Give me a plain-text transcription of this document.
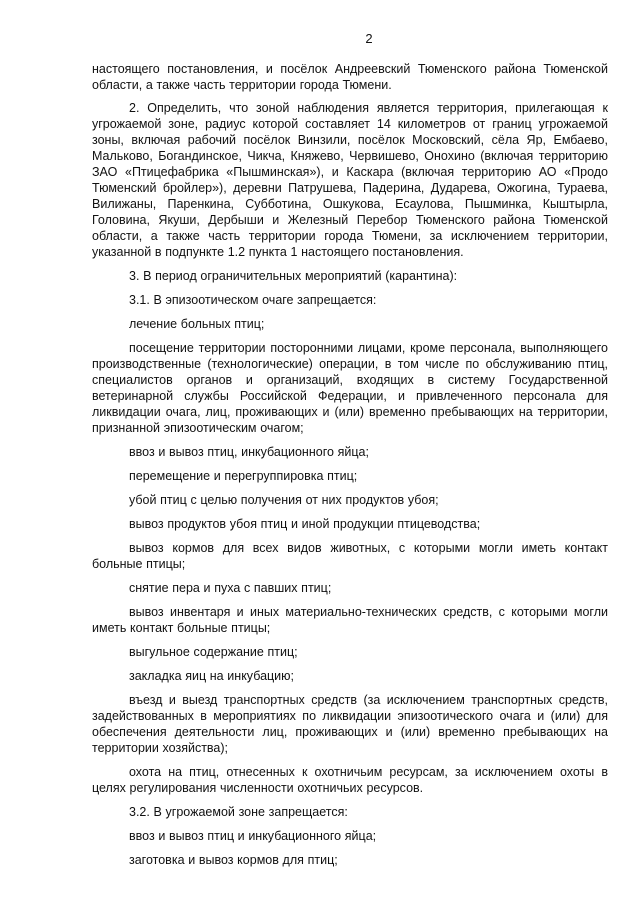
2

настоящего постановления, и посёлок Андреевский Тюменского района Тюменской области, а также часть территории города Тюмени.

2. Определить, что зоной наблюдения является территория, прилегающая к угрожаемой зоне, радиус которой составляет 14 километров от границ угрожаемой зоны, включая рабочий посёлок Винзили, посёлок Московский, сёла Яр, Ембаево, Мальково, Богандинское, Чикча, Княжево, Червишево, Онохино (включая территорию ЗАО «Птицефабрика «Пышминская»), и Каскара (включая территорию АО «Продо Тюменский бройлер»), деревни Патрушева, Падерина, Дударева, Ожогина, Тураева, Вилижаны, Паренкина, Субботина, Ошкукова, Есаулова, Пышминка, Кыштырла, Головина, Якуши, Дербыши и Железный Перебор Тюменского района Тюменской области, а также часть территории города Тюмени, за исключением территории, указанной в подпункте 1.2 пункта 1 настоящего постановления.

3. В период ограничительных мероприятий (карантина):

3.1. В эпизоотическом очаге запрещается:

лечение больных птиц;

посещение территории посторонними лицами, кроме персонала, выполняющего производственные (технологические) операции, в том числе по обслуживанию птиц, специалистов органов и организаций, входящих в систему Государственной ветеринарной службы Российской Федерации, и привлеченного персонала для ликвидации очага, лиц, проживающих и (или) временно пребывающих на территории, признанной эпизоотическим очагом;

ввоз и вывоз птиц, инкубационного яйца;

перемещение и перегруппировка птиц;

убой птиц с целью получения от них продуктов убоя;

вывоз продуктов убоя птиц и иной продукции птицеводства;

вывоз кормов для всех видов животных, с которыми могли иметь контакт больные птицы;

снятие пера и пуха с павших птиц;

вывоз инвентаря и иных материально-технических средств, с которыми могли иметь контакт больные птицы;

выгульное содержание птиц;

закладка яиц на инкубацию;

въезд и выезд транспортных средств (за исключением транспортных средств, задействованных в мероприятиях по ликвидации эпизоотического очага и (или) для обеспечения деятельности лиц, проживающих и (или) временно пребывающих на территории хозяйства);

охота на птиц, отнесенных к охотничьим ресурсам, за исключением охоты в целях регулирования численности охотничьих ресурсов.

3.2. В угрожаемой зоне запрещается:

ввоз и вывоз птиц и инкубационного яйца;

заготовка и вывоз кормов для птиц;
